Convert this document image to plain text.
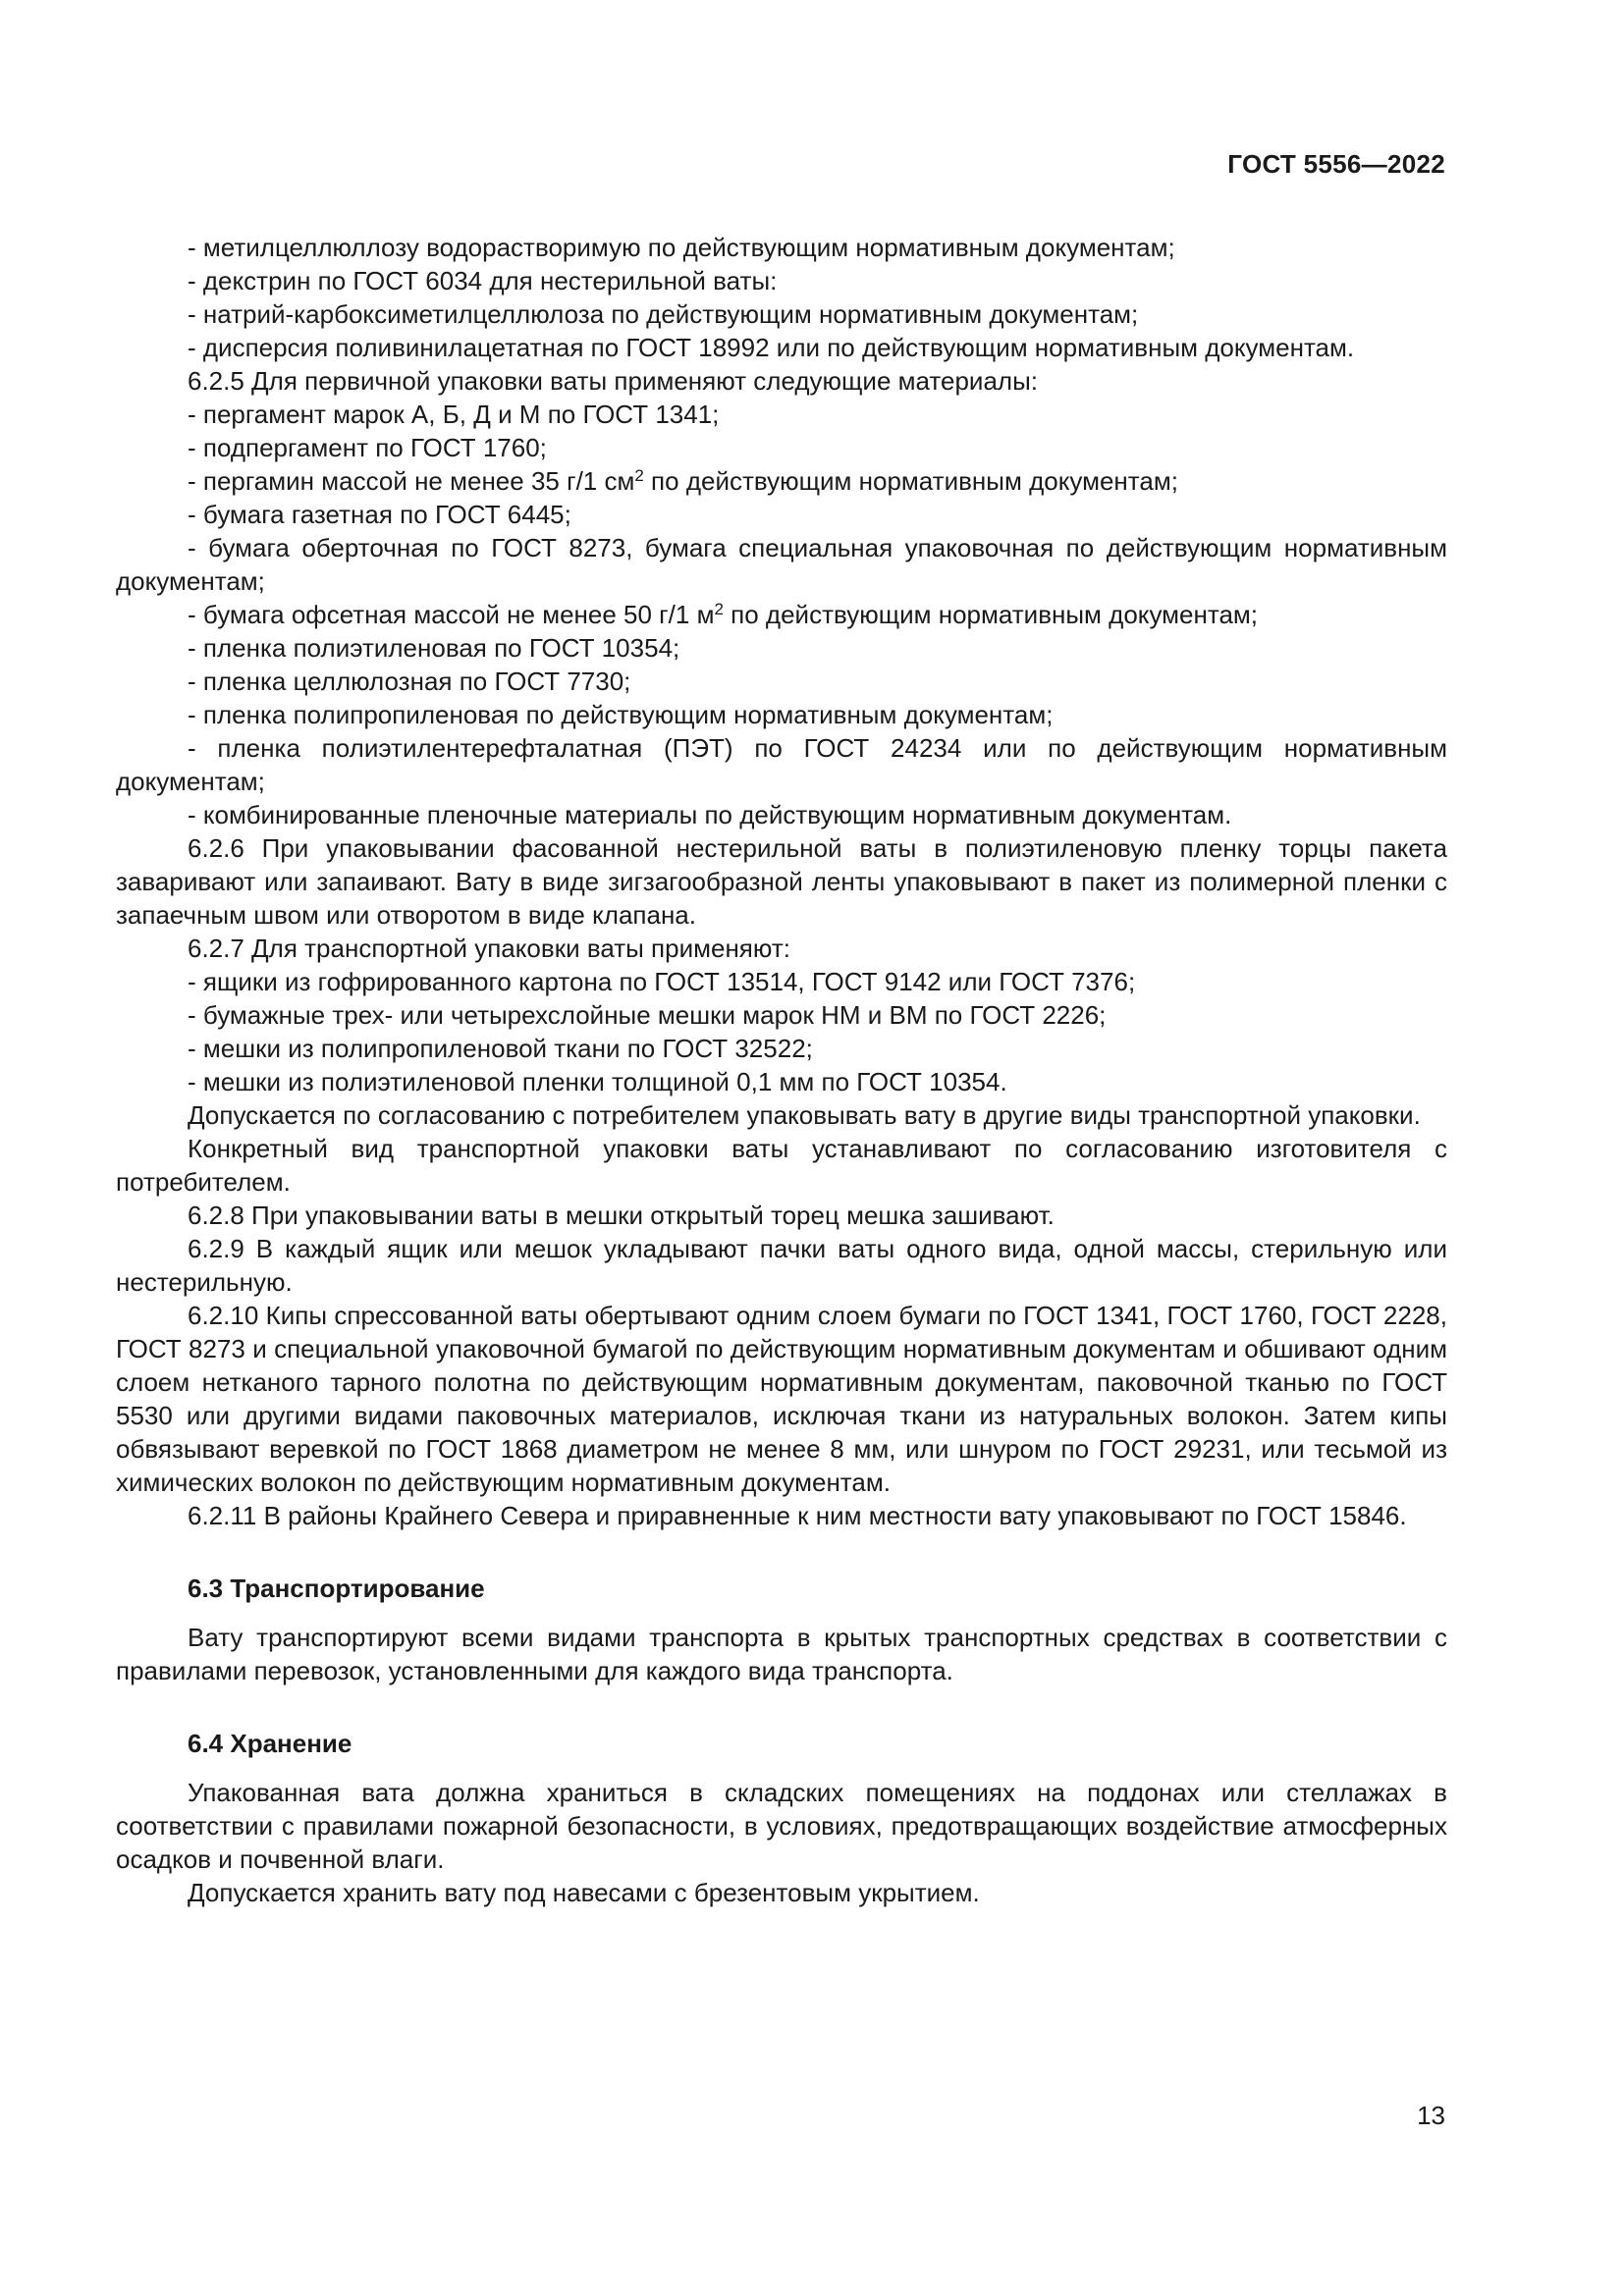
ГОСТ 5556—2022

- метилцеллюллозу водорастворимую по действующим нормативным документам;

- декстрин по ГОСТ 6034 для нестерильной ваты:

- натрий-карбоксиметилцеллюлоза по действующим нормативным документам;

- дисперсия поливинилацетатная по ГОСТ 18992 или по действующим нормативным документам.

6.2.5 Для первичной упаковки ваты применяют следующие материалы:

- пергамент марок А, Б, Д и М по ГОСТ 1341;

- подпергамент по ГОСТ 1760;

- пергамин массой не менее 35 г/1 $см^2$ по действующим нормативным документам;

- бумага газетная по ГОСТ 6445;

- бумага оберточная по ГОСТ 8273, бумага специальная упаковочная по действующим нормативным документам;

- бумага офсетная массой не менее 50 г/1 $м^2$ по действующим нормативным документам;

- пленка полиэтиленовая по ГОСТ 10354;

- пленка целлюлозная по ГОСТ 7730;

- пленка полипропиленовая по действующим нормативным документам;

- пленка полиэтилентерефталатная (ПЭТ) по ГОСТ 24234 или по действующим нормативным документам;

- комбинированные пленочные материалы по действующим нормативным документам.

6.2.6 При упаковывании фасованной нестерильной ваты в полиэтиленовую пленку торцы пакета заваривают или запаивают. Вату в виде зигзагообразной ленты упаковывают в пакет из полимерной пленки с запаечным швом или отворотом в виде клапана.

6.2.7 Для транспортной упаковки ваты применяют:

- ящики из гофрированного картона по ГОСТ 13514, ГОСТ 9142 или ГОСТ 7376;

- бумажные трех- или четырехслойные мешки марок НМ и ВМ по ГОСТ 2226;

- мешки из полипропиленовой ткани по ГОСТ 32522;

- мешки из полиэтиленовой пленки толщиной 0,1 мм по ГОСТ 10354.

Допускается по согласованию с потребителем упаковывать вату в другие виды транспортной упаковки.

Конкретный вид транспортной упаковки ваты устанавливают по согласованию изготовителя с потребителем.

6.2.8 При упаковывании ваты в мешки открытый торец мешка зашивают.

6.2.9 В каждый ящик или мешок укладывают пачки ваты одного вида, одной массы, стерильную или нестерильную.

6.2.10 Кипы спрессованной ваты обертывают одним слоем бумаги по ГОСТ 1341, ГОСТ 1760, ГОСТ 2228, ГОСТ 8273 и специальной упаковочной бумагой по действующим нормативным документам и обшивают одним слоем нетканого тарного полотна по действующим нормативным документам, паковочной тканью по ГОСТ 5530 или другими видами паковочных материалов, исключая ткани из натуральных волокон. Затем кипы обвязывают веревкой по ГОСТ 1868 диаметром не менее 8 мм, или шнуром по ГОСТ 29231, или тесьмой из химических волокон по действующим нормативным документам.

6.2.11 В районы Крайнего Севера и приравненные к ним местности вату упаковывают по ГОСТ 15846.

6.3 Транспортирование

Вату транспортируют всеми видами транспорта в крытых транспортных средствах в соответствии с правилами перевозок, установленными для каждого вида транспорта.

6.4 Хранение

Упакованная вата должна храниться в складских помещениях на поддонах или стеллажах в соответствии с правилами пожарной безопасности, в условиях, предотвращающих воздействие атмосферных осадков и почвенной влаги.

Допускается хранить вату под навесами с брезентовым укрытием.

13
